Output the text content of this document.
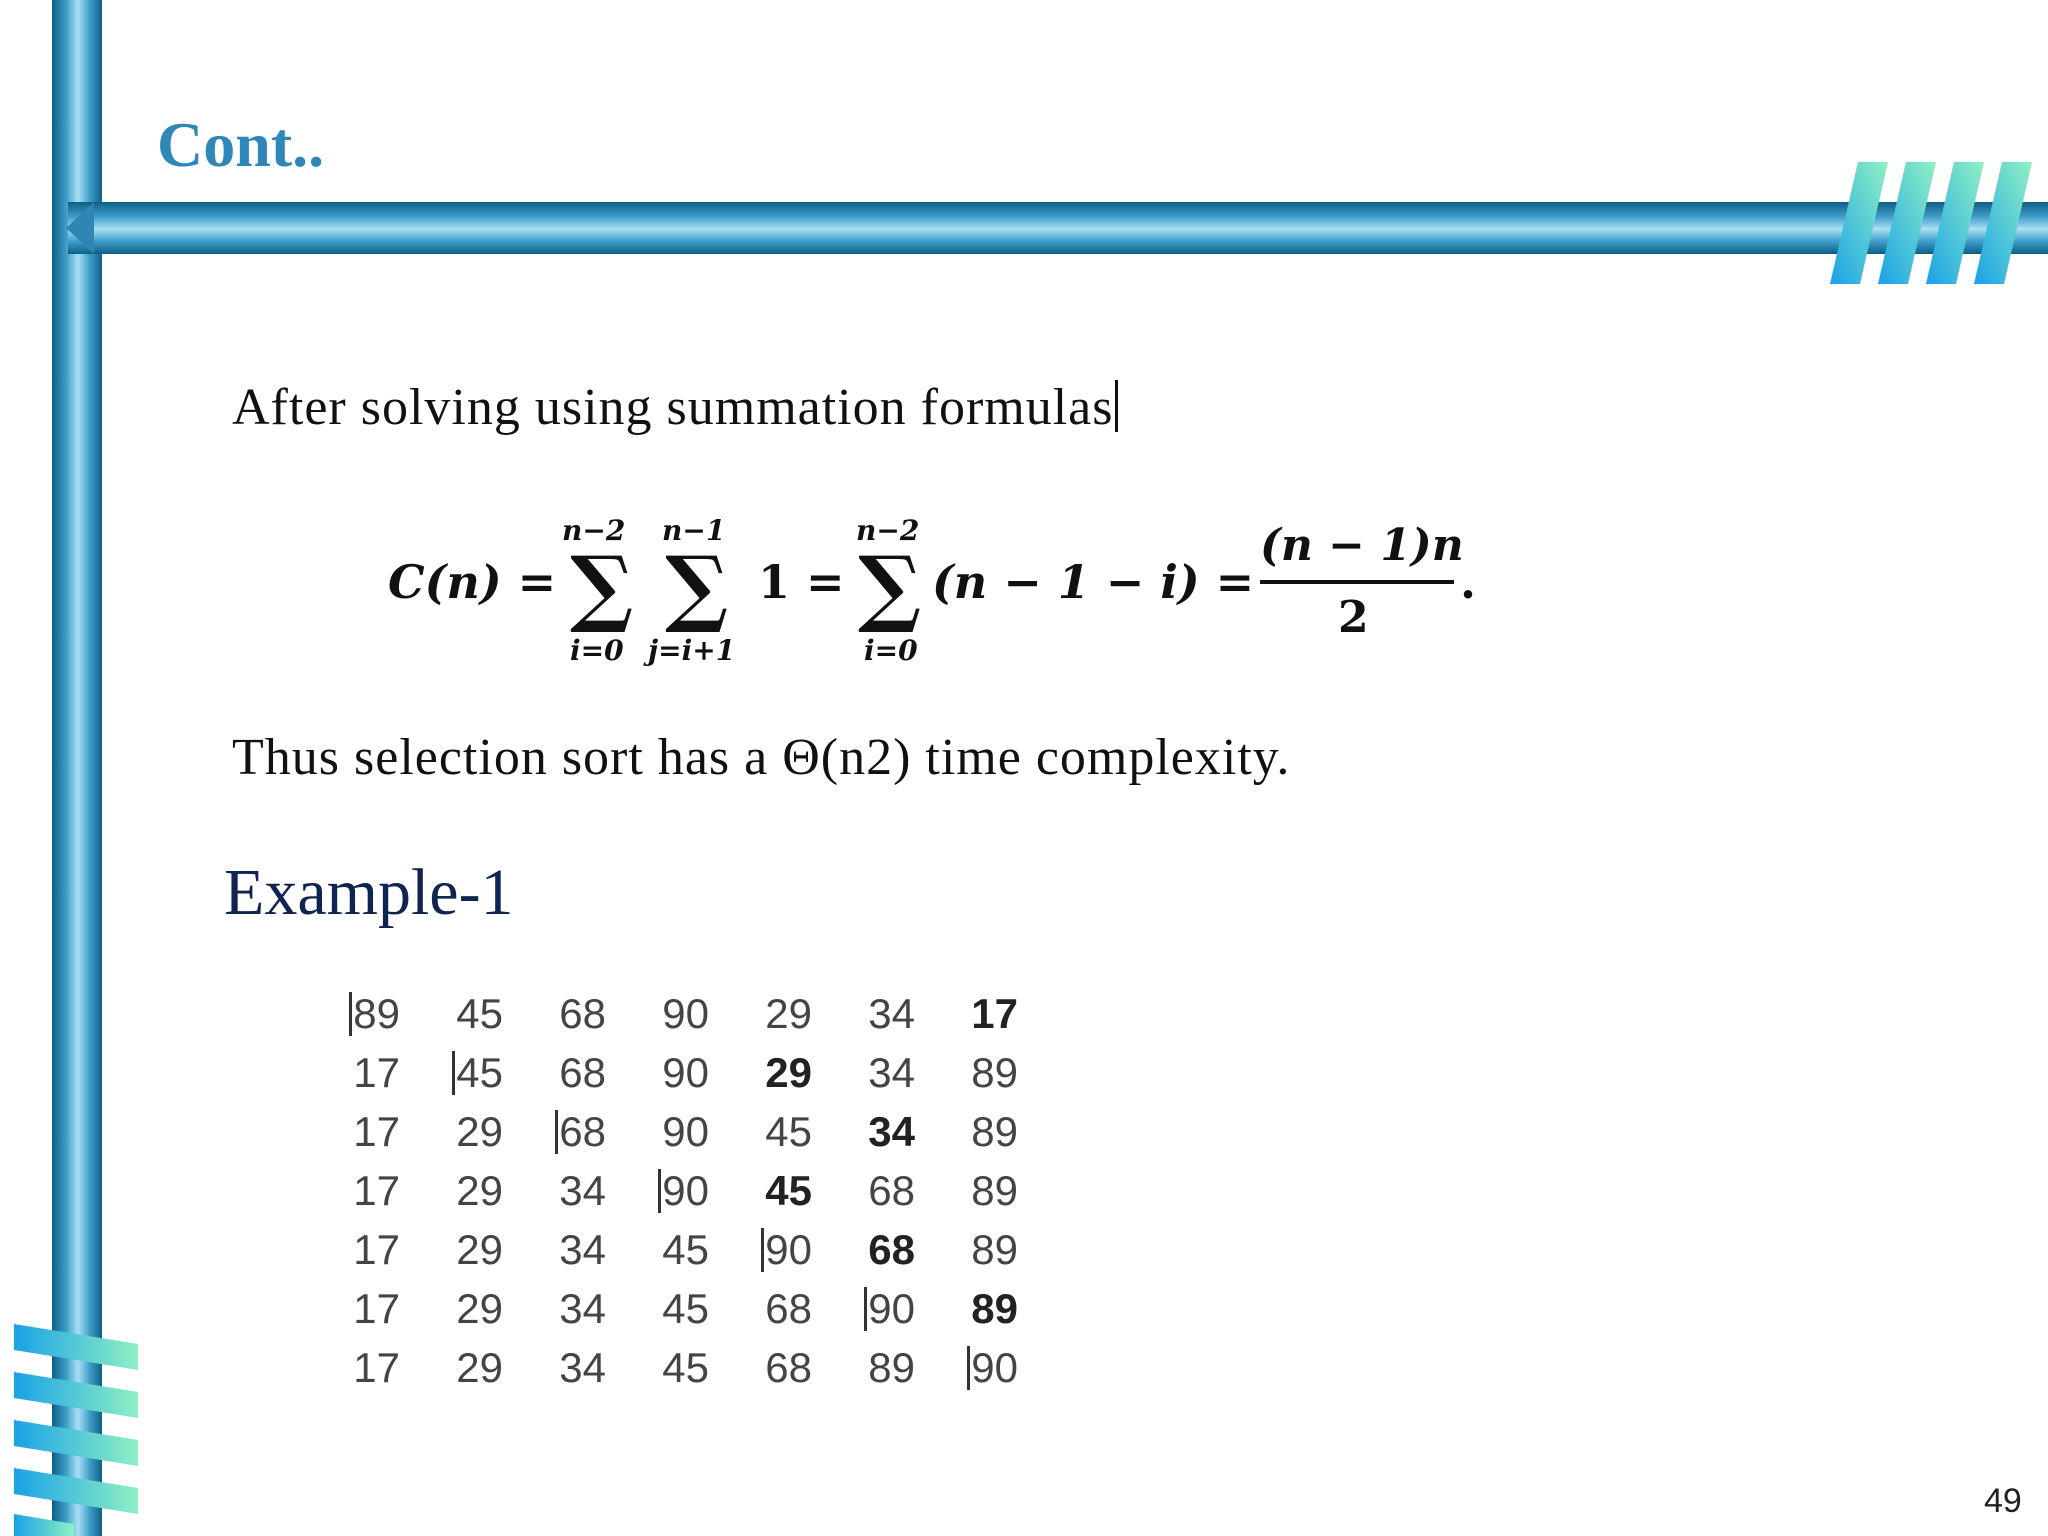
Cont..
After solving using summation formulas
C(n) = ∑
n−2
i=0
∑
n−1
j=i+1
1 = ∑
n−2
i=0
(n − 1 − i) =
(n − 1)n
2
.
Thus selection sort has a Θ(n2) time complexity.
Example-1
89	45	68	90	29	34	17
17	45	68	90	29	34	89
17	29	68	90	45	34	89
17	29	34	90	45	68	89
17	29	34	45	90	68	89
17	29	34	45	68	90	89
17	29	34	45	68	89	90
49
